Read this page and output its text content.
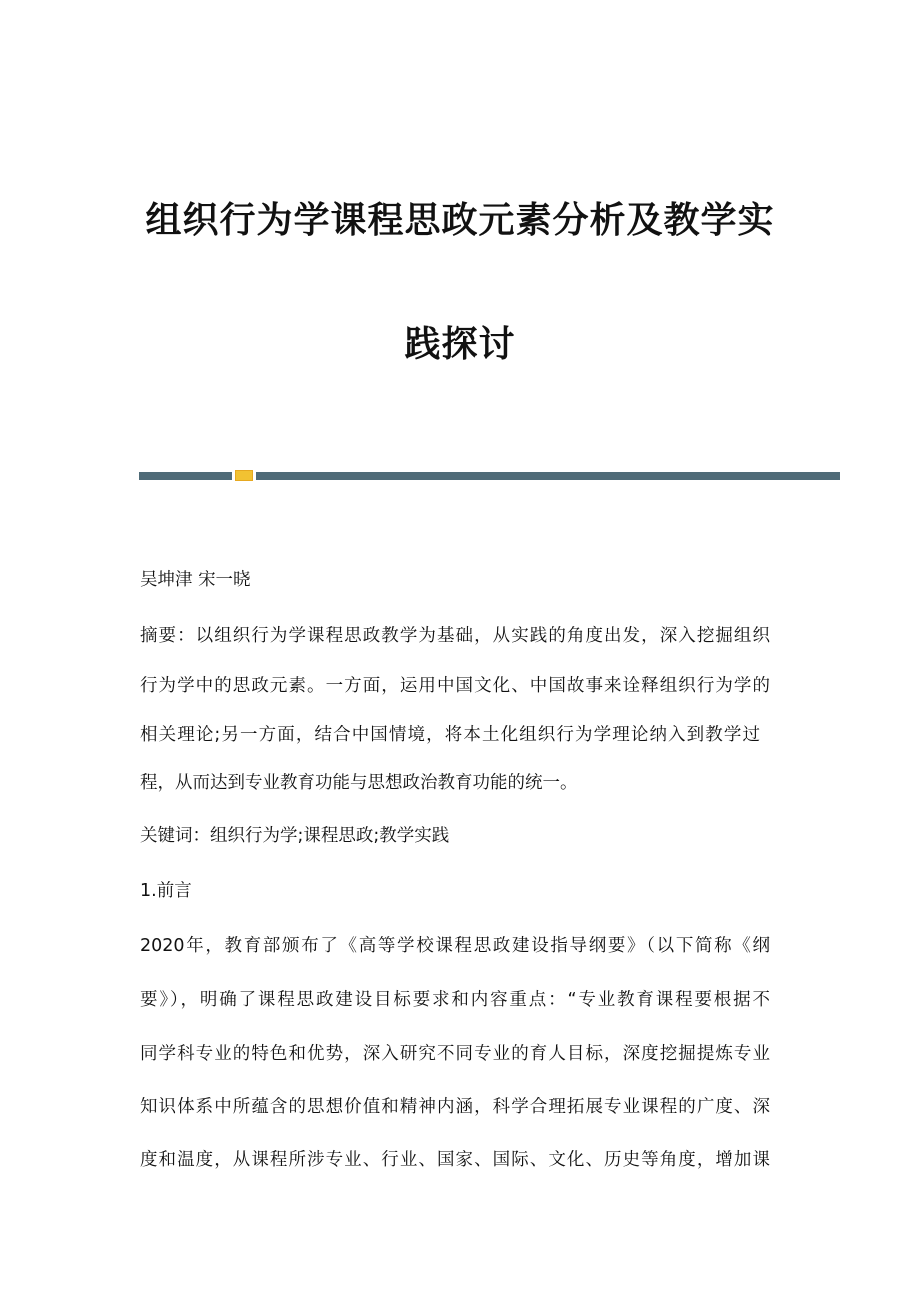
组织行为学课程思政元素分析及教学实
践探讨
吴坤津 宋一晓
摘要：以组织行为学课程思政教学为基础，从实践的角度出发，深入挖掘组织
行为学中的思政元素。一方面，运用中国文化、中国故事来诠释组织行为学的
相关理论;另一方面，结合中国情境，将本土化组织行为学理论纳入到教学过
程，从而达到专业教育功能与思想政治教育功能的统一。
关键词：组织行为学;课程思政;教学实践
1.前言
2020年，教育部颁布了《高等学校课程思政建设指导纲要》（以下简称《纲
要》），明确了课程思政建设目标要求和内容重点：“专业教育课程要根据不
同学科专业的特色和优势，深入研究不同专业的育人目标，深度挖掘提炼专业
知识体系中所蕴含的思想价值和精神内涵，科学合理拓展专业课程的广度、深
度和温度，从课程所涉专业、行业、国家、国际、文化、历史等角度，增加课
